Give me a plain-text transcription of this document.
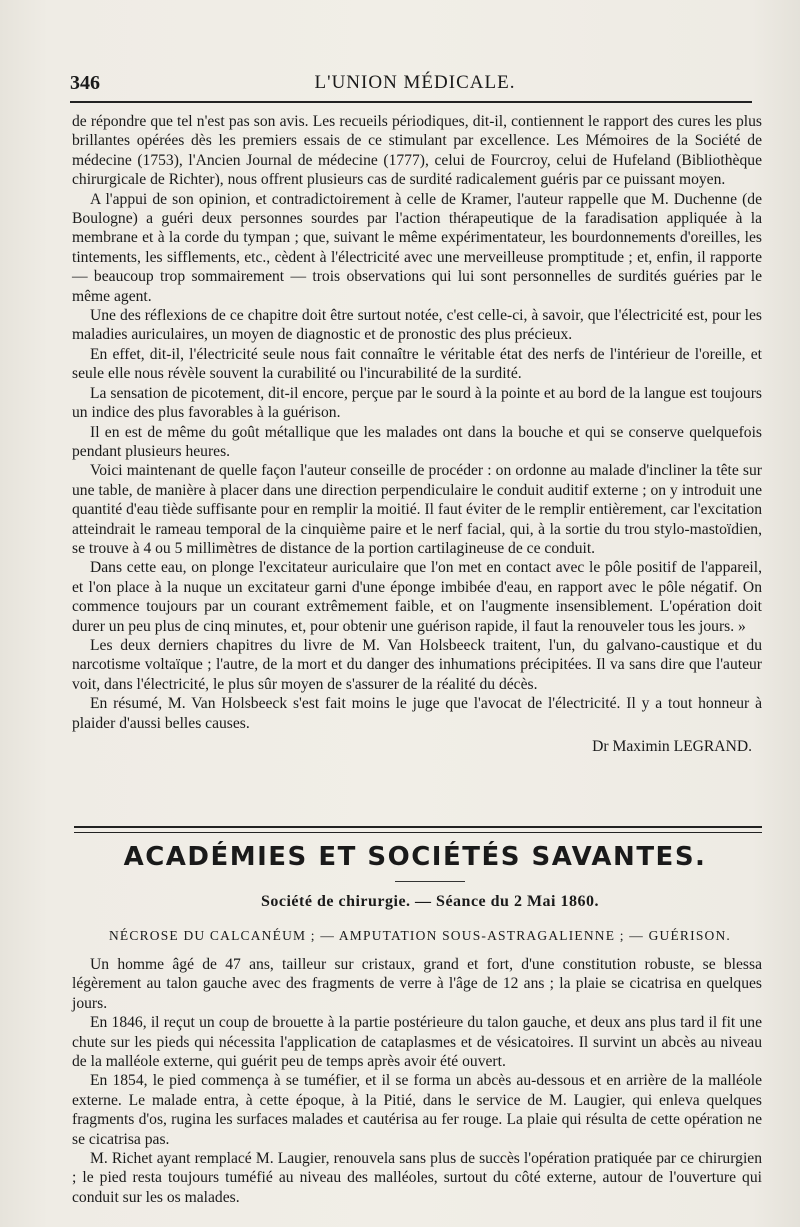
346	L'UNION MÉDICALE.

de répondre que tel n'est pas son avis. Les recueils périodiques, dit-il, contiennent le rapport des cures les plus brillantes opérées dès les premiers essais de ce stimulant par excellence. Les Mémoires de la Société de médecine (1753), l'Ancien Journal de médecine (1777), celui de Fourcroy, celui de Hufeland (Bibliothèque chirurgicale de Richter), nous offrent plusieurs cas de surdité radicalement guéris par ce puissant moyen.

A l'appui de son opinion, et contradictoirement à celle de Kramer, l'auteur rappelle que M. Duchenne (de Boulogne) a guéri deux personnes sourdes par l'action thérapeutique de la faradisation appliquée à la membrane et à la corde du tympan ; que, suivant le même expérimentateur, les bourdonnements d'oreilles, les tintements, les sifflements, etc., cèdent à l'électricité avec une merveilleuse promptitude ; et, enfin, il rapporte — beaucoup trop sommairement — trois observations qui lui sont personnelles de surdités guéries par le même agent.

Une des réflexions de ce chapitre doit être surtout notée, c'est celle-ci, à savoir, que l'électricité est, pour les maladies auriculaires, un moyen de diagnostic et de pronostic des plus précieux.

En effet, dit-il, l'électricité seule nous fait connaître le véritable état des nerfs de l'intérieur de l'oreille, et seule elle nous révèle souvent la curabilité ou l'incurabilité de la surdité.

La sensation de picotement, dit-il encore, perçue par le sourd à la pointe et au bord de la langue est toujours un indice des plus favorables à la guérison.

Il en est de même du goût métallique que les malades ont dans la bouche et qui se conserve quelquefois pendant plusieurs heures.

Voici maintenant de quelle façon l'auteur conseille de procéder : on ordonne au malade d'incliner la tête sur une table, de manière à placer dans une direction perpendiculaire le conduit auditif externe ; on y introduit une quantité d'eau tiède suffisante pour en remplir la moitié. Il faut éviter de le remplir entièrement, car l'excitation atteindrait le rameau temporal de la cinquième paire et le nerf facial, qui, à la sortie du trou stylo-mastoïdien, se trouve à 4 ou 5 millimètres de distance de la portion cartilagineuse de ce conduit.

Dans cette eau, on plonge l'excitateur auriculaire que l'on met en contact avec le pôle positif de l'appareil, et l'on place à la nuque un excitateur garni d'une éponge imbibée d'eau, en rapport avec le pôle négatif. On commence toujours par un courant extrêmement faible, et on l'augmente insensiblement. L'opération doit durer un peu plus de cinq minutes, et, pour obtenir une guérison rapide, il faut la renouveler tous les jours. »

Les deux derniers chapitres du livre de M. Van Holsbeeck traitent, l'un, du galvano-caustique et du narcotisme voltaïque ; l'autre, de la mort et du danger des inhumations précipitées. Il va sans dire que l'auteur voit, dans l'électricité, le plus sûr moyen de s'assurer de la réalité du décès.

En résumé, M. Van Holsbeeck s'est fait moins le juge que l'avocat de l'électricité. Il y a tout honneur à plaider d'aussi belles causes.

Dr Maximin LEGRAND.
ACADÉMIES ET SOCIÉTÉS SAVANTES.
Société de chirurgie. — Séance du 2 Mai 1860.
NÉCROSE DU CALCANÉUM ; — AMPUTATION SOUS-ASTRAGALIENNE ; — GUÉRISON.

Un homme âgé de 47 ans, tailleur sur cristaux, grand et fort, d'une constitution robuste, se blessa légèrement au talon gauche avec des fragments de verre à l'âge de 12 ans ; la plaie se cicatrisa en quelques jours.

En 1846, il reçut un coup de brouette à la partie postérieure du talon gauche, et deux ans plus tard il fit une chute sur les pieds qui nécessita l'application de cataplasmes et de vésicatoires. Il survint un abcès au niveau de la malléole externe, qui guérit peu de temps après avoir été ouvert.

En 1854, le pied commença à se tuméfier, et il se forma un abcès au-dessous et en arrière de la malléole externe. Le malade entra, à cette époque, à la Pitié, dans le service de M. Laugier, qui enleva quelques fragments d'os, rugina les surfaces malades et cautérisa au fer rouge. La plaie qui résulta de cette opération ne se cicatrisa pas.

M. Richet ayant remplacé M. Laugier, renouvela sans plus de succès l'opération pratiquée par ce chirurgien ; le pied resta toujours tuméfié au niveau des malléoles, surtout du côté externe, autour de l'ouverture qui conduit sur les os malades.
